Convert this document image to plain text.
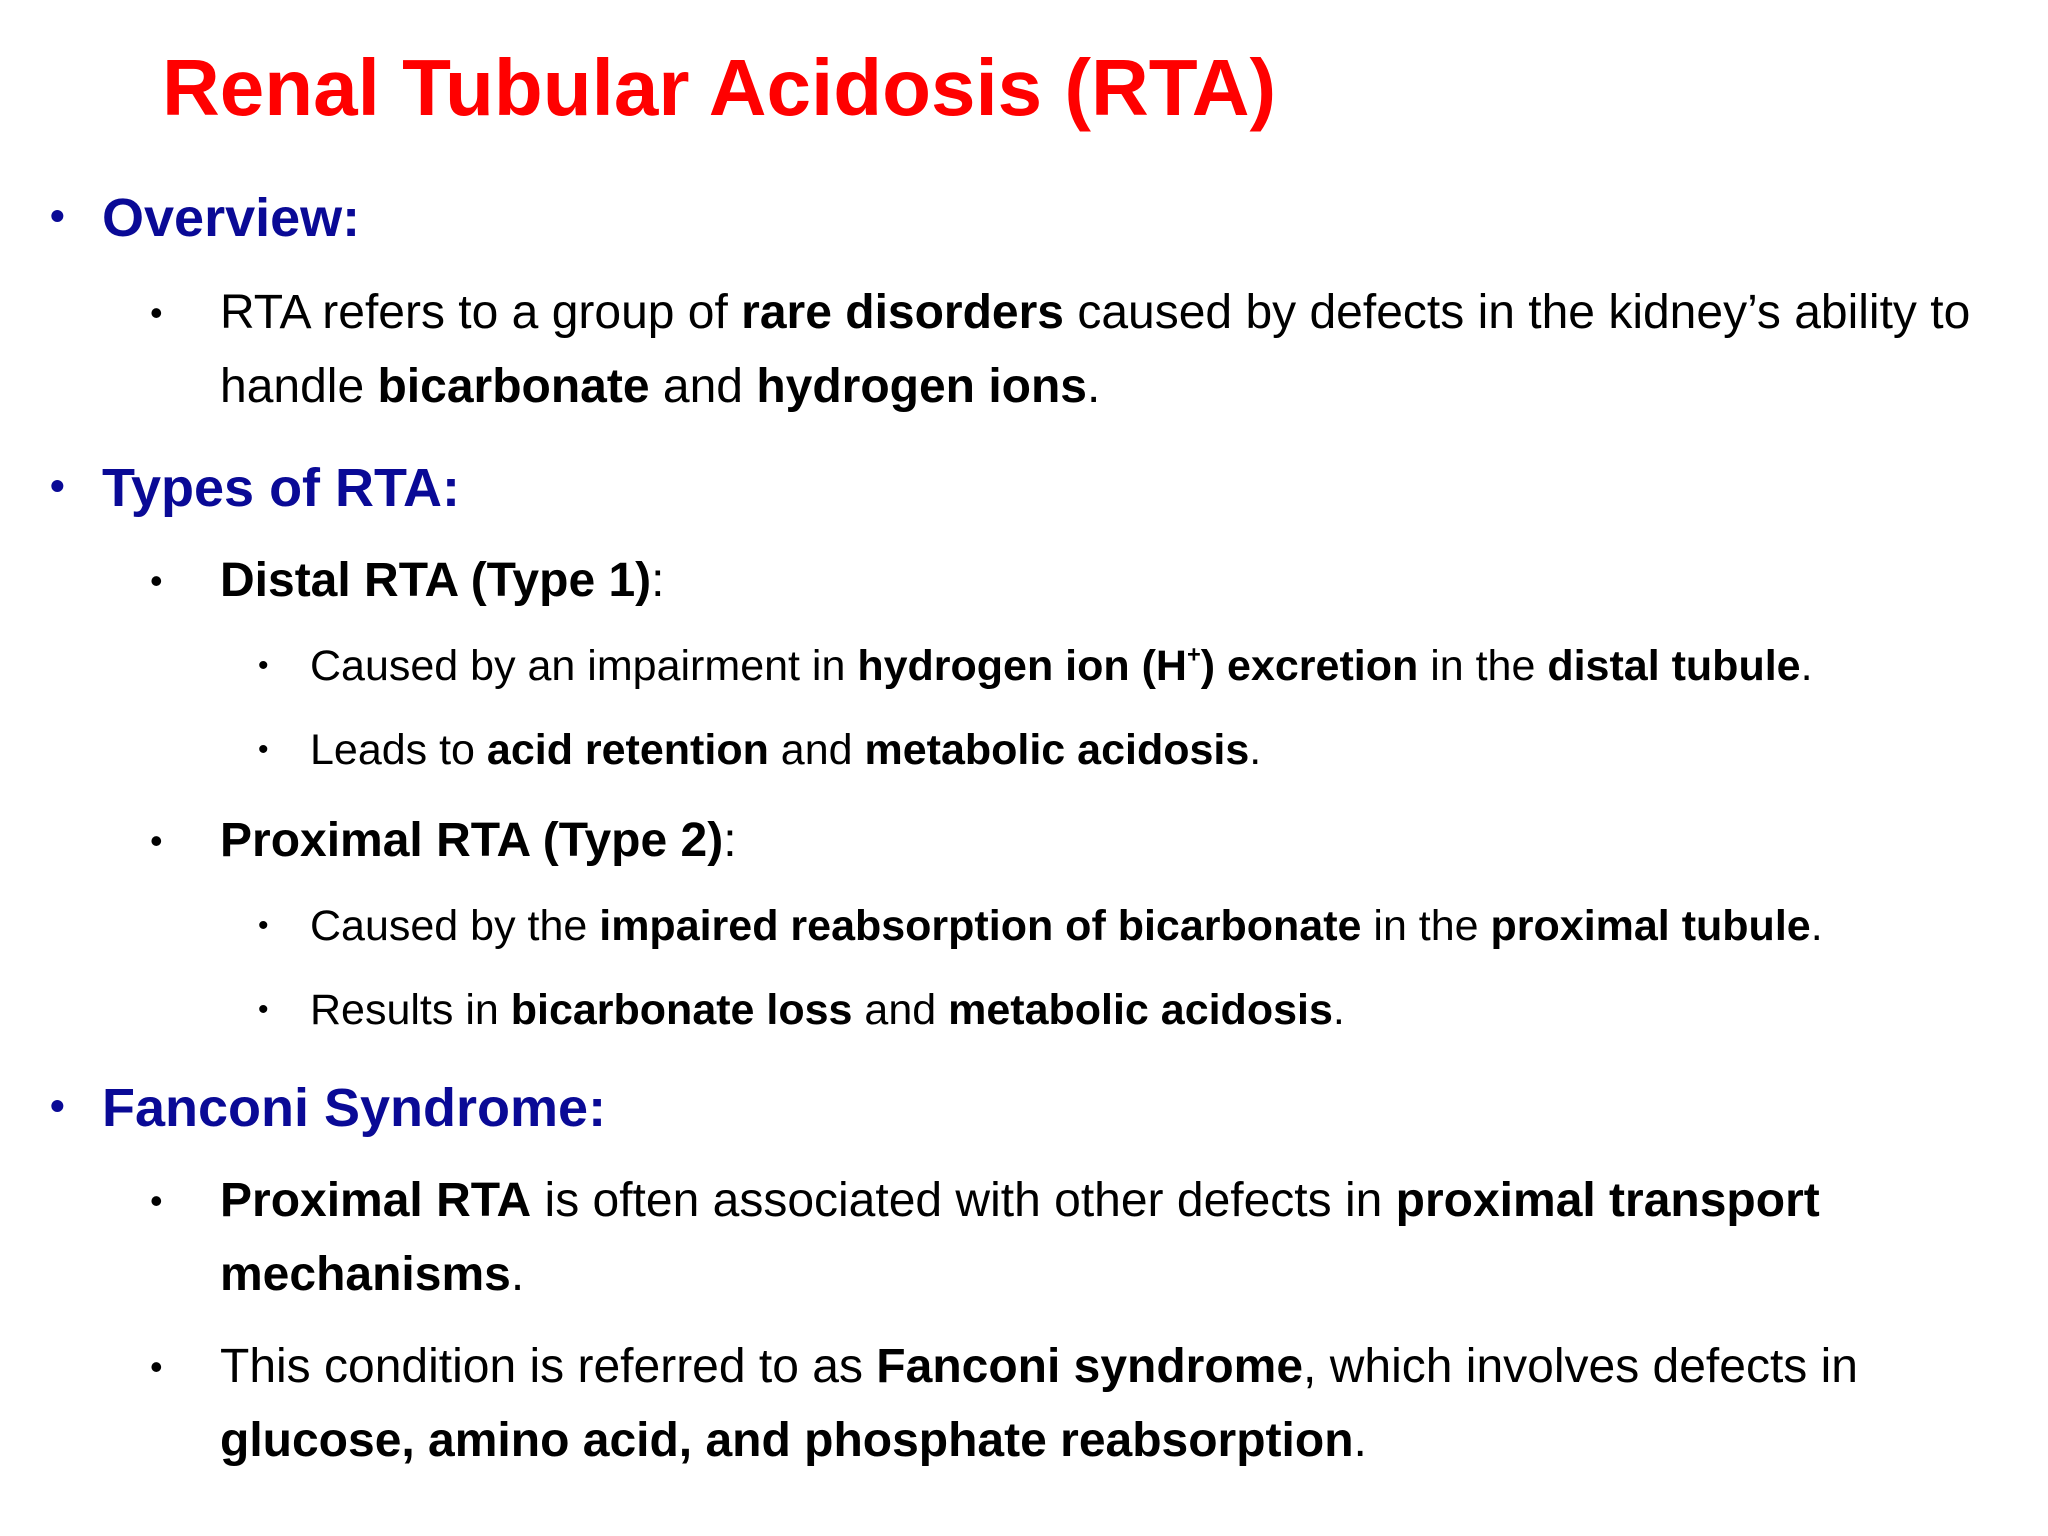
Renal Tubular Acidosis (RTA)
• Overview:
• RTA refers to a group of rare disorders caused by defects in the kidney’s ability to handle bicarbonate and hydrogen ions.
• Types of RTA:
• Distal RTA (Type 1):
• Caused by an impairment in hydrogen ion (H+) excretion in the distal tubule.
• Leads to acid retention and metabolic acidosis.
• Proximal RTA (Type 2):
• Caused by the impaired reabsorption of bicarbonate in the proximal tubule.
• Results in bicarbonate loss and metabolic acidosis.
• Fanconi Syndrome:
• Proximal RTA is often associated with other defects in proximal transport mechanisms.
• This condition is referred to as Fanconi syndrome, which involves defects in glucose, amino acid, and phosphate reabsorption.
